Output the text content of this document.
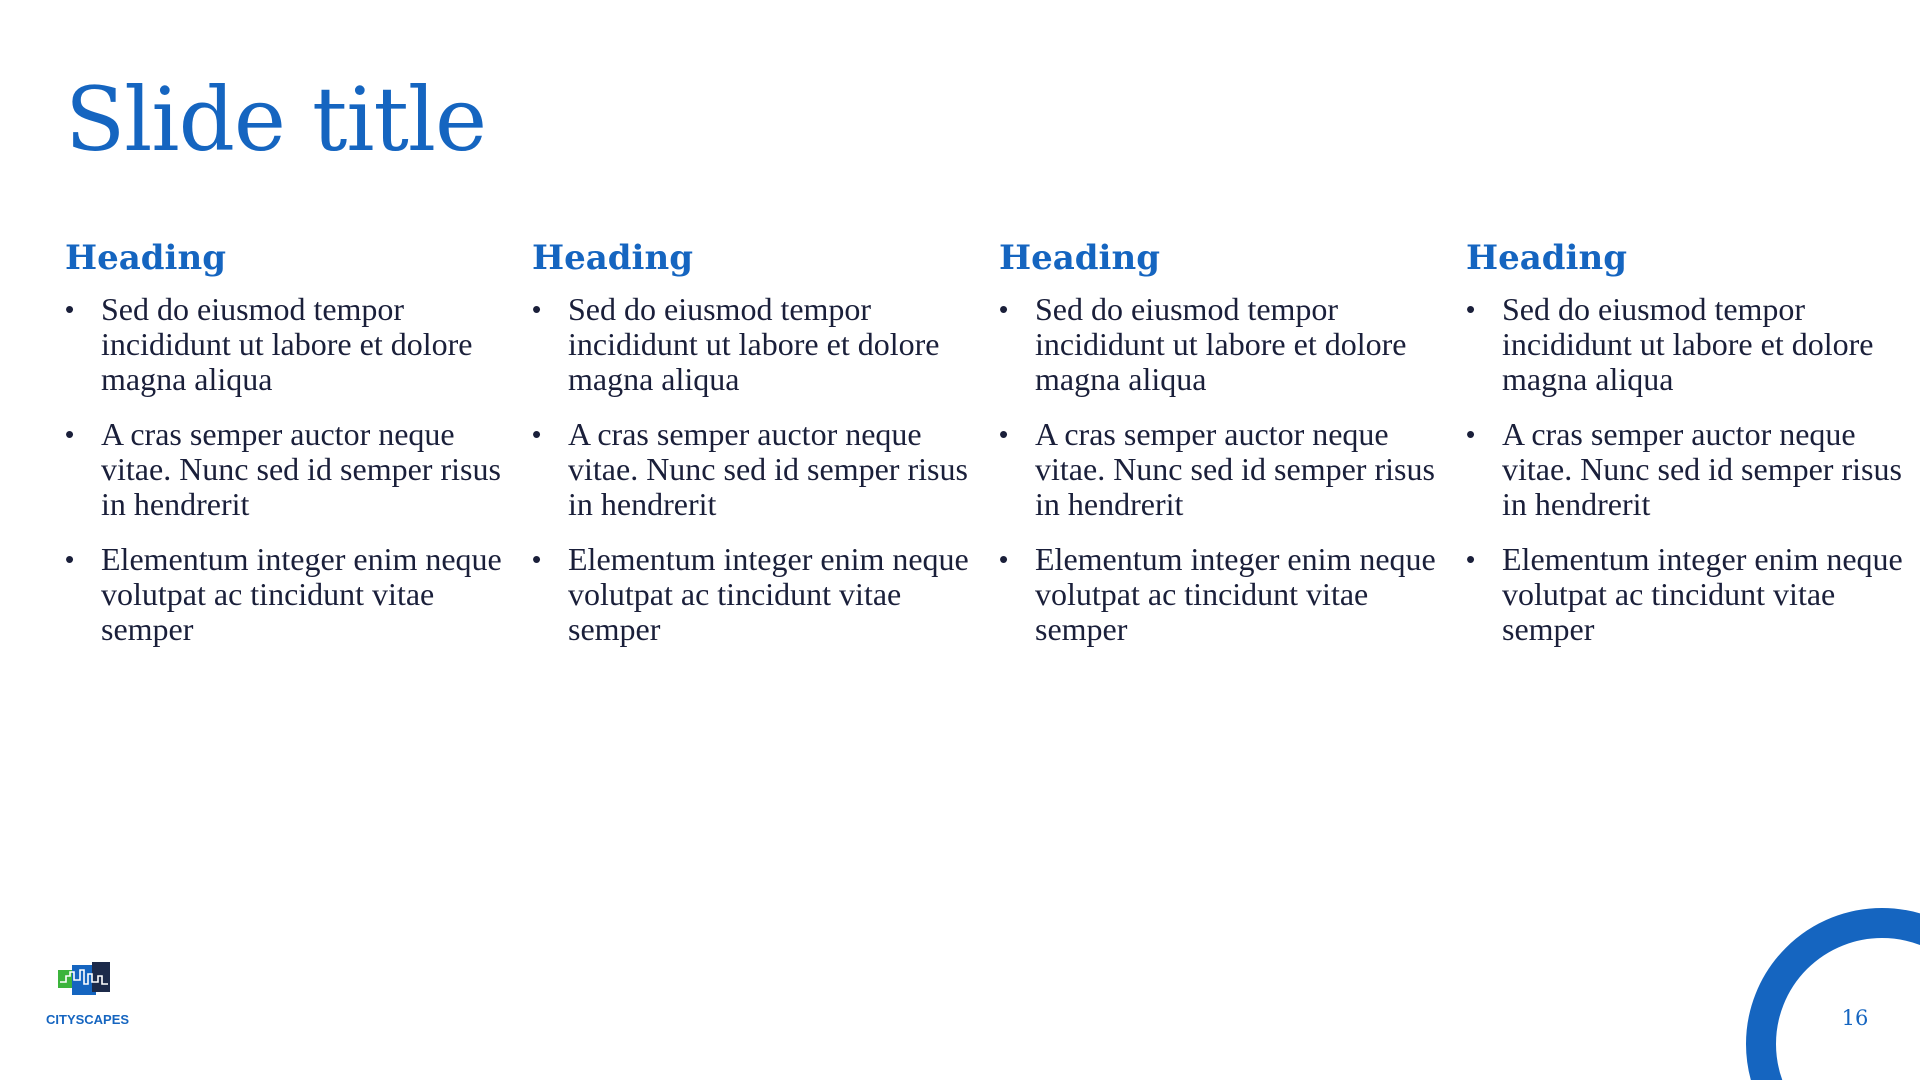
Slide title
Heading
• Sed do eiusmod tempor incididunt ut labore et dolore magna aliqua
• A cras semper auctor neque vitae. Nunc sed id semper risus in hendrerit
• Elementum integer enim neque volutpat ac tincidunt vitae semper
Heading
• Sed do eiusmod tempor incididunt ut labore et dolore magna aliqua
• A cras semper auctor neque vitae. Nunc sed id semper risus in hendrerit
• Elementum integer enim neque volutpat ac tincidunt vitae semper
Heading
• Sed do eiusmod tempor incididunt ut labore et dolore magna aliqua
• A cras semper auctor neque vitae. Nunc sed id semper risus in hendrerit
• Elementum integer enim neque volutpat ac tincidunt vitae semper
Heading
• Sed do eiusmod tempor incididunt ut labore et dolore magna aliqua
• A cras semper auctor neque vitae. Nunc sed id semper risus in hendrerit
• Elementum integer enim neque volutpat ac tincidunt vitae semper
CITYSCAPES	16
